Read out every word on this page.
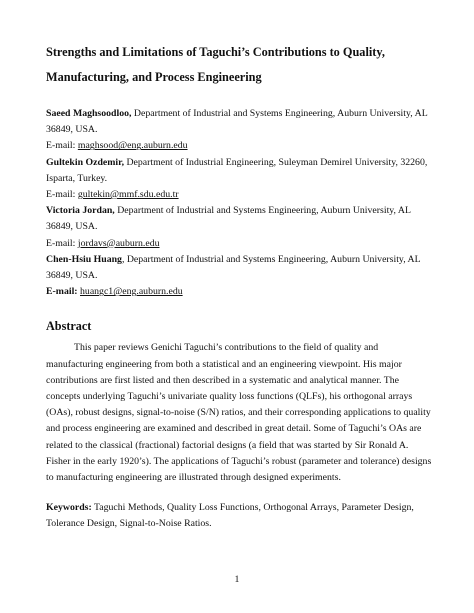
Strengths and Limitations of Taguchi’s Contributions to Quality, Manufacturing, and Process Engineering

Saeed Maghsoodloo, Department of Industrial and Systems Engineering, Auburn University, AL 36849, USA.

E-mail: maghsood@eng.auburn.edu

Gultekin Ozdemir, Department of Industrial Engineering, Suleyman Demirel University, 32260, Isparta, Turkey.

E-mail: gultekin@mmf.sdu.edu.tr

Victoria Jordan, Department of Industrial and Systems Engineering, Auburn University, AL 36849, USA.

E-mail: jordavs@auburn.edu

Chen-Hsiu Huang, Department of Industrial and Systems Engineering, Auburn University, AL 36849, USA.

E-mail: huangc1@eng.auburn.edu

Abstract

This paper reviews Genichi Taguchi’s contributions to the field of quality and manufacturing engineering from both a statistical and an engineering viewpoint. His major contributions are first listed and then described in a systematic and analytical manner. The concepts underlying Taguchi’s univariate quality loss functions (QLFs), his orthogonal arrays (OAs), robust designs, signal-to-noise (S/N) ratios, and their corresponding applications to quality and process engineering are examined and described in great detail. Some of Taguchi’s OAs are related to the classical (fractional) factorial designs (a field that was started by Sir Ronald A. Fisher in the early 1920’s). The applications of Taguchi’s robust (parameter and tolerance) designs to manufacturing engineering are illustrated through designed experiments.

Keywords: Taguchi Methods, Quality Loss Functions, Orthogonal Arrays, Parameter Design, Tolerance Design, Signal-to-Noise Ratios.

1
